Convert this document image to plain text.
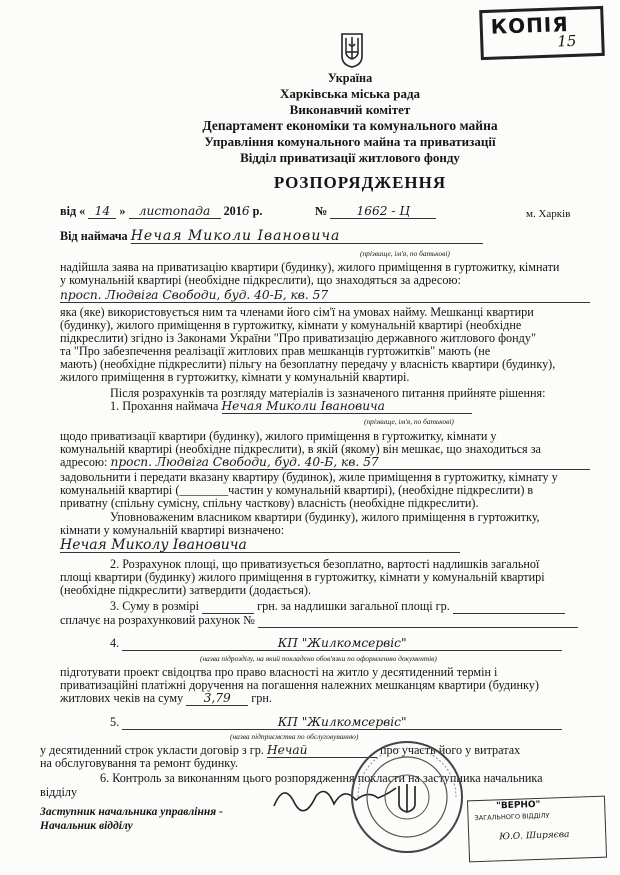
КОПІЯ
15
Україна
Харківська міська рада
Виконавчий комітет
Департамент економіки та комунального майна
Управління комунального майна та приватизації
Відділ приватизації житлового фонду
РОЗПОРЯДЖЕННЯ
від « 14 » листопада 2016 р.	№ 1662 - Ц	м. Харків
Від наймача Нечая Миколи Івановича
(прізвище, ім'я, по батькові)
надійшла заява на приватизацію квартири (будинку), жилого приміщення в гуртожитку, кімнати
у комунальній квартирі (необхідне підкреслити), що знаходяться за адресою:
просп. Людвіга Свободи, буд. 40-Б, кв. 57
яка (яке) використовується ним та членами його сім'ї на умовах найму. Мешканці квартири
(будинку), жилого приміщення в гуртожитку, кімнати у комунальній квартирі (необхідне
підкреслити) згідно із Законами України "Про приватизацію державного житлового фонду"
та "Про забезпечення реалізації житлових прав мешканців гуртожитків" мають (не
мають) (необхідне підкреслити) пільгу на безоплатну передачу у власність квартири (будинку),
жилого приміщення в гуртожитку, кімнати у комунальній квартирі.
Після розрахунків та розгляду матеріалів із зазначеного питання прийняте рішення:
1. Прохання наймача Нечая Миколи Івановича
(прізвище, ім'я, по батькові)
щодо приватизації квартири (будинку), жилого приміщення в гуртожитку, кімнати у
комунальній квартирі (необхідне підкреслити), в якій (якому) він мешкає, що знаходиться за
адресою: просп. Людвіга Свободи, буд. 40-Б, кв. 57
задовольнити і передати вказану квартиру (будинок), жиле приміщення в гуртожитку, кімнату у
комунальній квартирі (________частин у комунальній квартирі), (необхідне підкреслити) в
приватну (спільну сумісну, спільну часткову) власність (необхідне підкреслити).
Уповноваженим власником квартири (будинку), жилого приміщення в гуртожитку,
кімнати у комунальній квартирі визначено:
Нечая Миколу Івановича
2. Розрахунок площі, що приватизується безоплатно, вартості надлишків загальної
площі квартири (будинку) жилого приміщення в гуртожитку, кімнати у комунальній квартирі
(необхідне підкреслити) затвердити (додається).
3. Суму в розмірі	грн. за надлишки загальної площі гр.
сплачує на розрахунковий рахунок №
4.	КП "Жилкомсервіс"
(назва підрозділу, на який покладено обов'язки по оформленню документів)
підготувати проект свідоцтва про право власності на житло у десятиденний термін і
приватизаційні платіжні доручення на погашення належних мешканцям квартири (будинку)
житлових чеків на суму 3,79 грн.
5.	КП "Жилкомсервіс"
(назва підприємства по обслуговуванню)
у десятиденний строк укласти договір з гр. Нечай	про участь його у витратах
на обслуговування та ремонт будинку.
6. Контроль за виконанням цього розпорядження покласти на заступника начальника
відділу
Заступник начальника управління -
Начальник відділу
"ВЕРНО"
ЗАГАЛЬНОГО ВІДДІЛУ
Ю.О. Ширяєва
